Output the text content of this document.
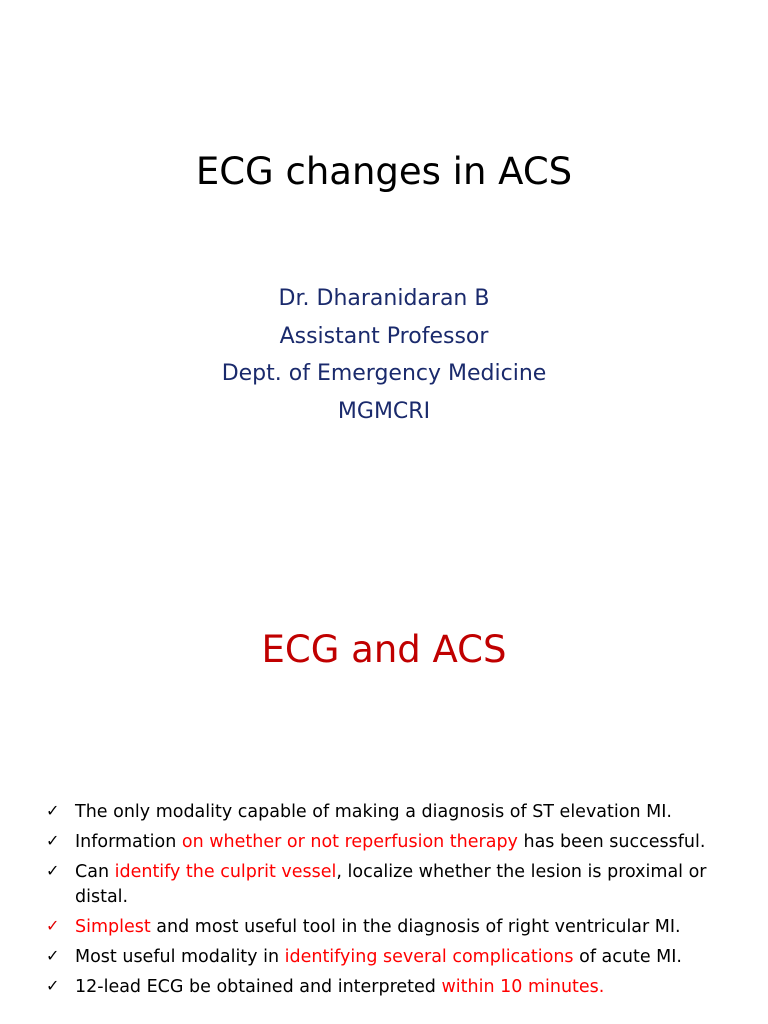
ECG changes in ACS
Dr. Dharanidaran B
Assistant Professor
Dept. of Emergency Medicine
MGMCRI
ECG and ACS
✓ The only modality capable of making a diagnosis of ST elevation MI.
✓ Information on whether or not reperfusion therapy has been successful.
✓ Can identify the culprit vessel, localize whether the lesion is proximal or distal.
✓ Simplest and most useful tool in the diagnosis of right ventricular MI.
✓ Most useful modality in identifying several complications of acute MI.
✓ 12-lead ECG be obtained and interpreted within 10 minutes.
